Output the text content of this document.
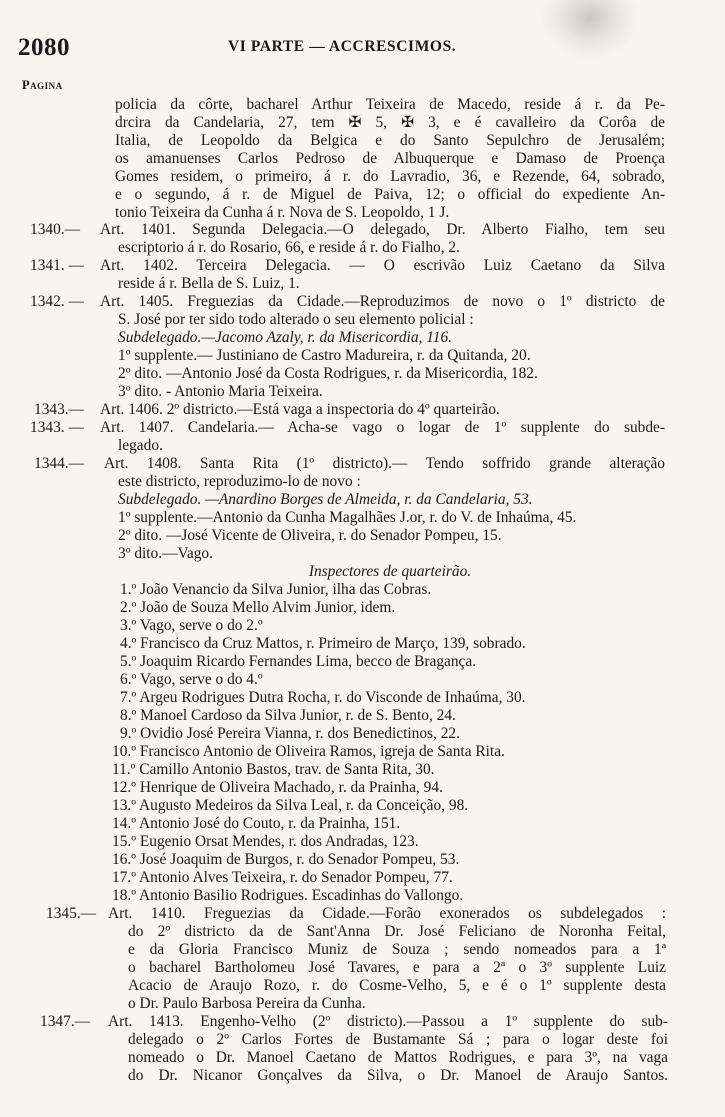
2080	VI PARTE — ACCRESCIMOS.
Pagina
policia da côrte, bacharel Arthur Teixeira de Macedo, reside á r. da Pe-
drcira da Candelaria, 27, tem ✠ 5, ✠ 3, e é cavalleiro da Corôa de
Italia, de Leopoldo da Belgica e do Santo Sepulchro de Jerusalém;
os amanuenses Carlos Pedroso de Albuquerque e Damaso de Proença
Gomes residem, o primeiro, á r. do Lavradio, 36, e Rezende, 64, sobrado,
e o segundo, á r. de Miguel de Paiva, 12; o official do expediente An-
tonio Teixeira da Cunha á r. Nova de S. Leopoldo, 1 J.
1340.— Art. 1401. Segunda Delegacia.—O delegado, Dr. Alberto Fialho, tem seu
escriptorio á r. do Rosario, 66, e reside á r. do Fialho, 2.
1341. — Art. 1402. Terceira Delegacia. — O escrivão Luiz Caetano da Silva
reside á r. Bella de S. Luiz, 1.
1342. — Art. 1405. Freguezias da Cidade.—Reproduzimos de novo o 1º districto de
S. José por ter sido todo alterado o seu elemento policial :
Subdelegado.—Jacomo Azaly, r. da Misericordia, 116.
1º supplente.— Justiniano de Castro Madureira, r. da Quitanda, 20.
2º dito. —Antonio José da Costa Rodrigues, r. da Misericordia, 182.
3º dito. - Antonio Maria Teixeira.
1343.— Art. 1406. 2º districto.—Está vaga a inspectoria do 4º quarteirão.
1343. — Art. 1407. Candelaria.— Acha-se vago o logar de 1º supplente do subde-
legado.
1344.— Art. 1408. Santa Rita (1º districto).— Tendo soffrido grande alteração
este districto, reproduzimo-lo de novo :
Subdelegado. —Anardino Borges de Almeida, r. da Candelaria, 53.
1º supplente.—Antonio da Cunha Magalhães J.or, r. do V. de Inhaúma, 45.
2º dito. —José Vicente de Oliveira, r. do Senador Pompeu, 15.
3º dito.—Vago.
Inspectores de quarteirão.
1.º João Venancio da Silva Junior, ilha das Cobras.
2.º João de Souza Mello Alvim Junior, idem.
3.º Vago, serve o do 2.º
4.º Francisco da Cruz Mattos, r. Primeiro de Março, 139, sobrado.
5.º Joaquim Ricardo Fernandes Lima, becco de Bragança.
6.º Vago, serve o do 4.º
7.º Argeu Rodrigues Dutra Rocha, r. do Visconde de Inhaúma, 30.
8.º Manoel Cardoso da Silva Junior, r. de S. Bento, 24.
9.º Ovidio José Pereira Vianna, r. dos Benedictinos, 22.
10.º Francisco Antonio de Oliveira Ramos, igreja de Santa Rita.
11.º Camillo Antonio Bastos, trav. de Santa Rita, 30.
12.º Henrique de Oliveira Machado, r. da Prainha, 94.
13.º Augusto Medeiros da Silva Leal, r. da Conceição, 98.
14.º Antonio José do Couto, r. da Prainha, 151.
15.º Eugenio Orsat Mendes, r. dos Andradas, 123.
16.º José Joaquim de Burgos, r. do Senador Pompeu, 53.
17.º Antonio Alves Teixeira, r. do Senador Pompeu, 77.
18.º Antonio Basilio Rodrigues. Escadinhas do Vallongo.
1345.— Art. 1410. Freguezias da Cidade.—Forão exonerados os subdelegados :
do 2º districto da de Sant'Anna Dr. José Feliciano de Noronha Feital,
e da Gloria Francisco Muniz de Souza ; sendo nomeados para a 1ª
o bacharel Bartholomeu José Tavares, e para a 2ª o 3º supplente Luiz
Acacio de Araujo Rozo, r. do Cosme-Velho, 5, e é o 1º supplente desta
o Dr. Paulo Barbosa Pereira da Cunha.
1347.— Art. 1413. Engenho-Velho (2º districto).—Passou a 1º supplente do sub-
delegado o 2º Carlos Fortes de Bustamante Sá ; para o logar deste foi
nomeado o Dr. Manoel Caetano de Mattos Rodrigues, e para 3º, na vaga
do Dr. Nicanor Gonçalves da Silva, o Dr. Manoel de Araujo Santos.
